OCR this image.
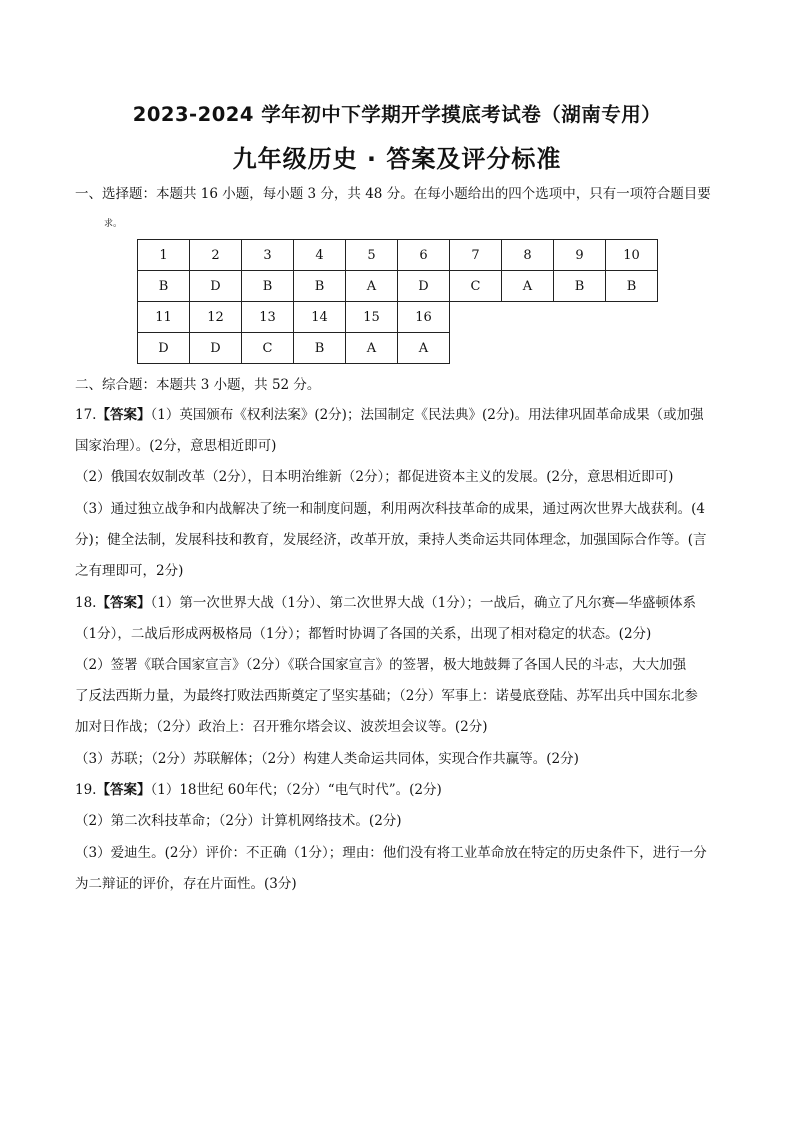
2023-2024 学年初中下学期开学摸底考试卷（湖南专用）
九年级历史 · 答案及评分标准
一、选择题：本题共 16 小题，每小题 3 分，共 48 分。在每小题给出的四个选项中，只有一项符合题目要
求。
1	2	3	4	5	6	7	8	9	10
B	D	B	B	A	D	C	A	B	B
11	12	13	14	15	16				
D	D	C	B	A	A				
二、综合题：本题共 3 小题，共 52 分。
17.【答案】（1）英国颁布《权利法案》(2分)；法国制定《民法典》(2分)。用法律巩固革命成果（或加强
国家治理）。(2分，意思相近即可)
（2）俄国农奴制改革（2分），日本明治维新（2分）；都促进资本主义的发展。(2分，意思相近即可)
（3）通过独立战争和内战解决了统一和制度问题，利用两次科技革命的成果，通过两次世界大战获利。(4
分)；健全法制，发展科技和教育，发展经济，改革开放，秉持人类命运共同体理念，加强国际合作等。(言
之有理即可，2分)
18.【答案】（1）第一次世界大战（1分）、第二次世界大战（1分）；一战后，确立了凡尔赛—华盛顿体系
（1分），二战后形成两极格局（1分）；都暂时协调了各国的关系，出现了相对稳定的状态。(2分)
（2）签署《联合国家宣言》（2分）《联合国家宣言》的签署，极大地鼓舞了各国人民的斗志，大大加强
了反法西斯力量，为最终打败法西斯奠定了坚实基础；（2分）军事上：诺曼底登陆、苏军出兵中国东北参
加对日作战；（2分）政治上：召开雅尔塔会议、波茨坦会议等。(2分)
（3）苏联；（2分）苏联解体；（2分）构建人类命运共同体，实现合作共赢等。(2分)
19.【答案】（1）18世纪 60年代；（2分）“电气时代”。(2分)
（2）第二次科技革命；（2分）计算机网络技术。(2分)
（3）爱迪生。(2分）评价：不正确（1分）；理由：他们没有将工业革命放在特定的历史条件下，进行一分
为二辩证的评价，存在片面性。(3分)
